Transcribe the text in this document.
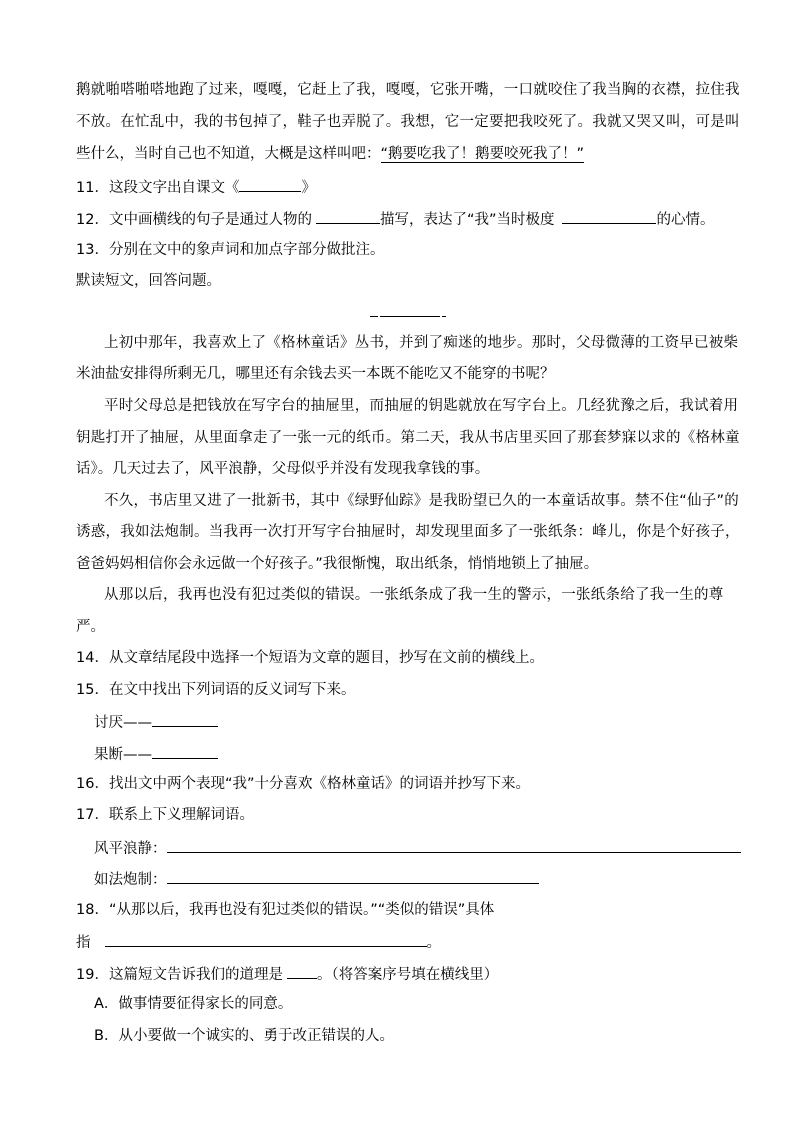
鹅就啪嗒啪嗒地跑了过来，嘎嘎，它赶上了我，嘎嘎，它张开嘴，一口就咬住了我当胸的衣襟，拉住我
不放。在忙乱中，我的书包掉了，鞋子也弄脱了。我想，它一定要把我咬死了。我就又哭又叫，可是叫
些什么，当时自己也不知道，大概是这样叫吧：“鹅要吃我了！鹅要咬死我了！”
11．这段文字出自课文《	》
12．文中画横线的句子是通过人物的	描写，表达了“我”当时极度	的心情。
13．分别在文中的象声词和加点字部分做批注。
默读短文，回答问题。
上初中那年，我喜欢上了《格林童话》丛书，并到了痴迷的地步。那时，父母微薄的工资早已被柴
米油盐安排得所剩无几，哪里还有余钱去买一本既不能吃又不能穿的书呢？
平时父母总是把钱放在写字台的抽屉里，而抽屉的钥匙就放在写字台上。几经犹豫之后，我试着用
钥匙打开了抽屉，从里面拿走了一张一元的纸币。第二天，我从书店里买回了那套梦寐以求的《格林童
话》。几天过去了，风平浪静，父母似乎并没有发现我拿钱的事。
不久，书店里又进了一批新书，其中《绿野仙踪》是我盼望已久的一本童话故事。禁不住“仙子”的
诱惑，我如法炮制。当我再一次打开写字台抽屉时，却发现里面多了一张纸条：峰儿，你是个好孩子，
爸爸妈妈相信你会永远做一个好孩子。”我很惭愧，取出纸条，悄悄地锁上了抽屉。
从那以后，我再也没有犯过类似的错误。一张纸条成了我一生的警示，一张纸条给了我一生的尊
严。
14．从文章结尾段中选择一个短语为文章的题目，抄写在文前的横线上。
15．在文中找出下列词语的反义词写下来。
讨厌——
果断——
16．找出文中两个表现“我”十分喜欢《格林童话》的词语并抄写下来。
17．联系上下义理解词语。
风平浪静：
如法炮制：
18．“从那以后，我再也没有犯过类似的错误。”“类似的错误”具体
指	。
19．这篇短文告诉我们的道理是 。（将答案序号填在横线里）
A．做事情要征得家长的同意。
B．从小要做一个诚实的、勇于改正错误的人。
